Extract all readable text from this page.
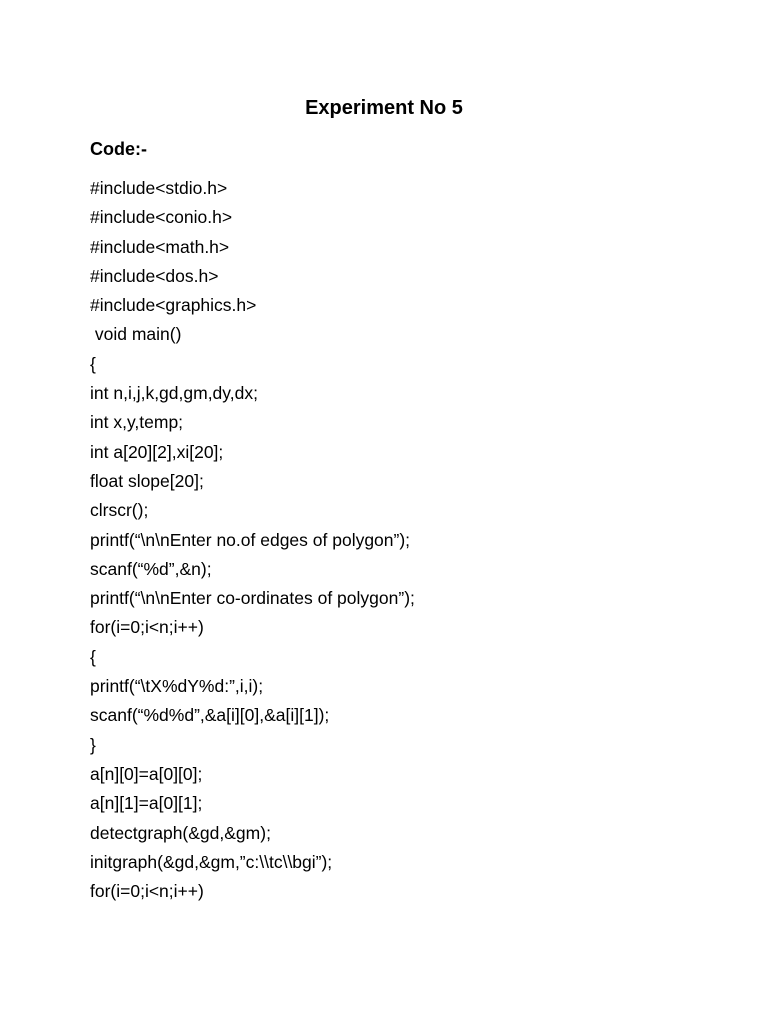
Experiment No 5
Code:-
#include<stdio.h>
#include<conio.h>
#include<math.h>
#include<dos.h>
#include<graphics.h>
void main()
{
int n,i,j,k,gd,gm,dy,dx;
int x,y,temp;
int a[20][2],xi[20];
float slope[20];
clrscr();
printf(“\n\nEnter no.of edges of polygon”);
scanf(“%d”,&n);
printf(“\n\nEnter co-ordinates of polygon”);
for(i=0;i<n;i++)
{
printf(“\tX%dY%d:”,i,i);
scanf(“%d%d”,&a[i][0],&a[i][1]);
}
a[n][0]=a[0][0];
a[n][1]=a[0][1];
detectgraph(&gd,&gm);
initgraph(&gd,&gm,”c:\\tc\\bgi”);
for(i=0;i<n;i++)
